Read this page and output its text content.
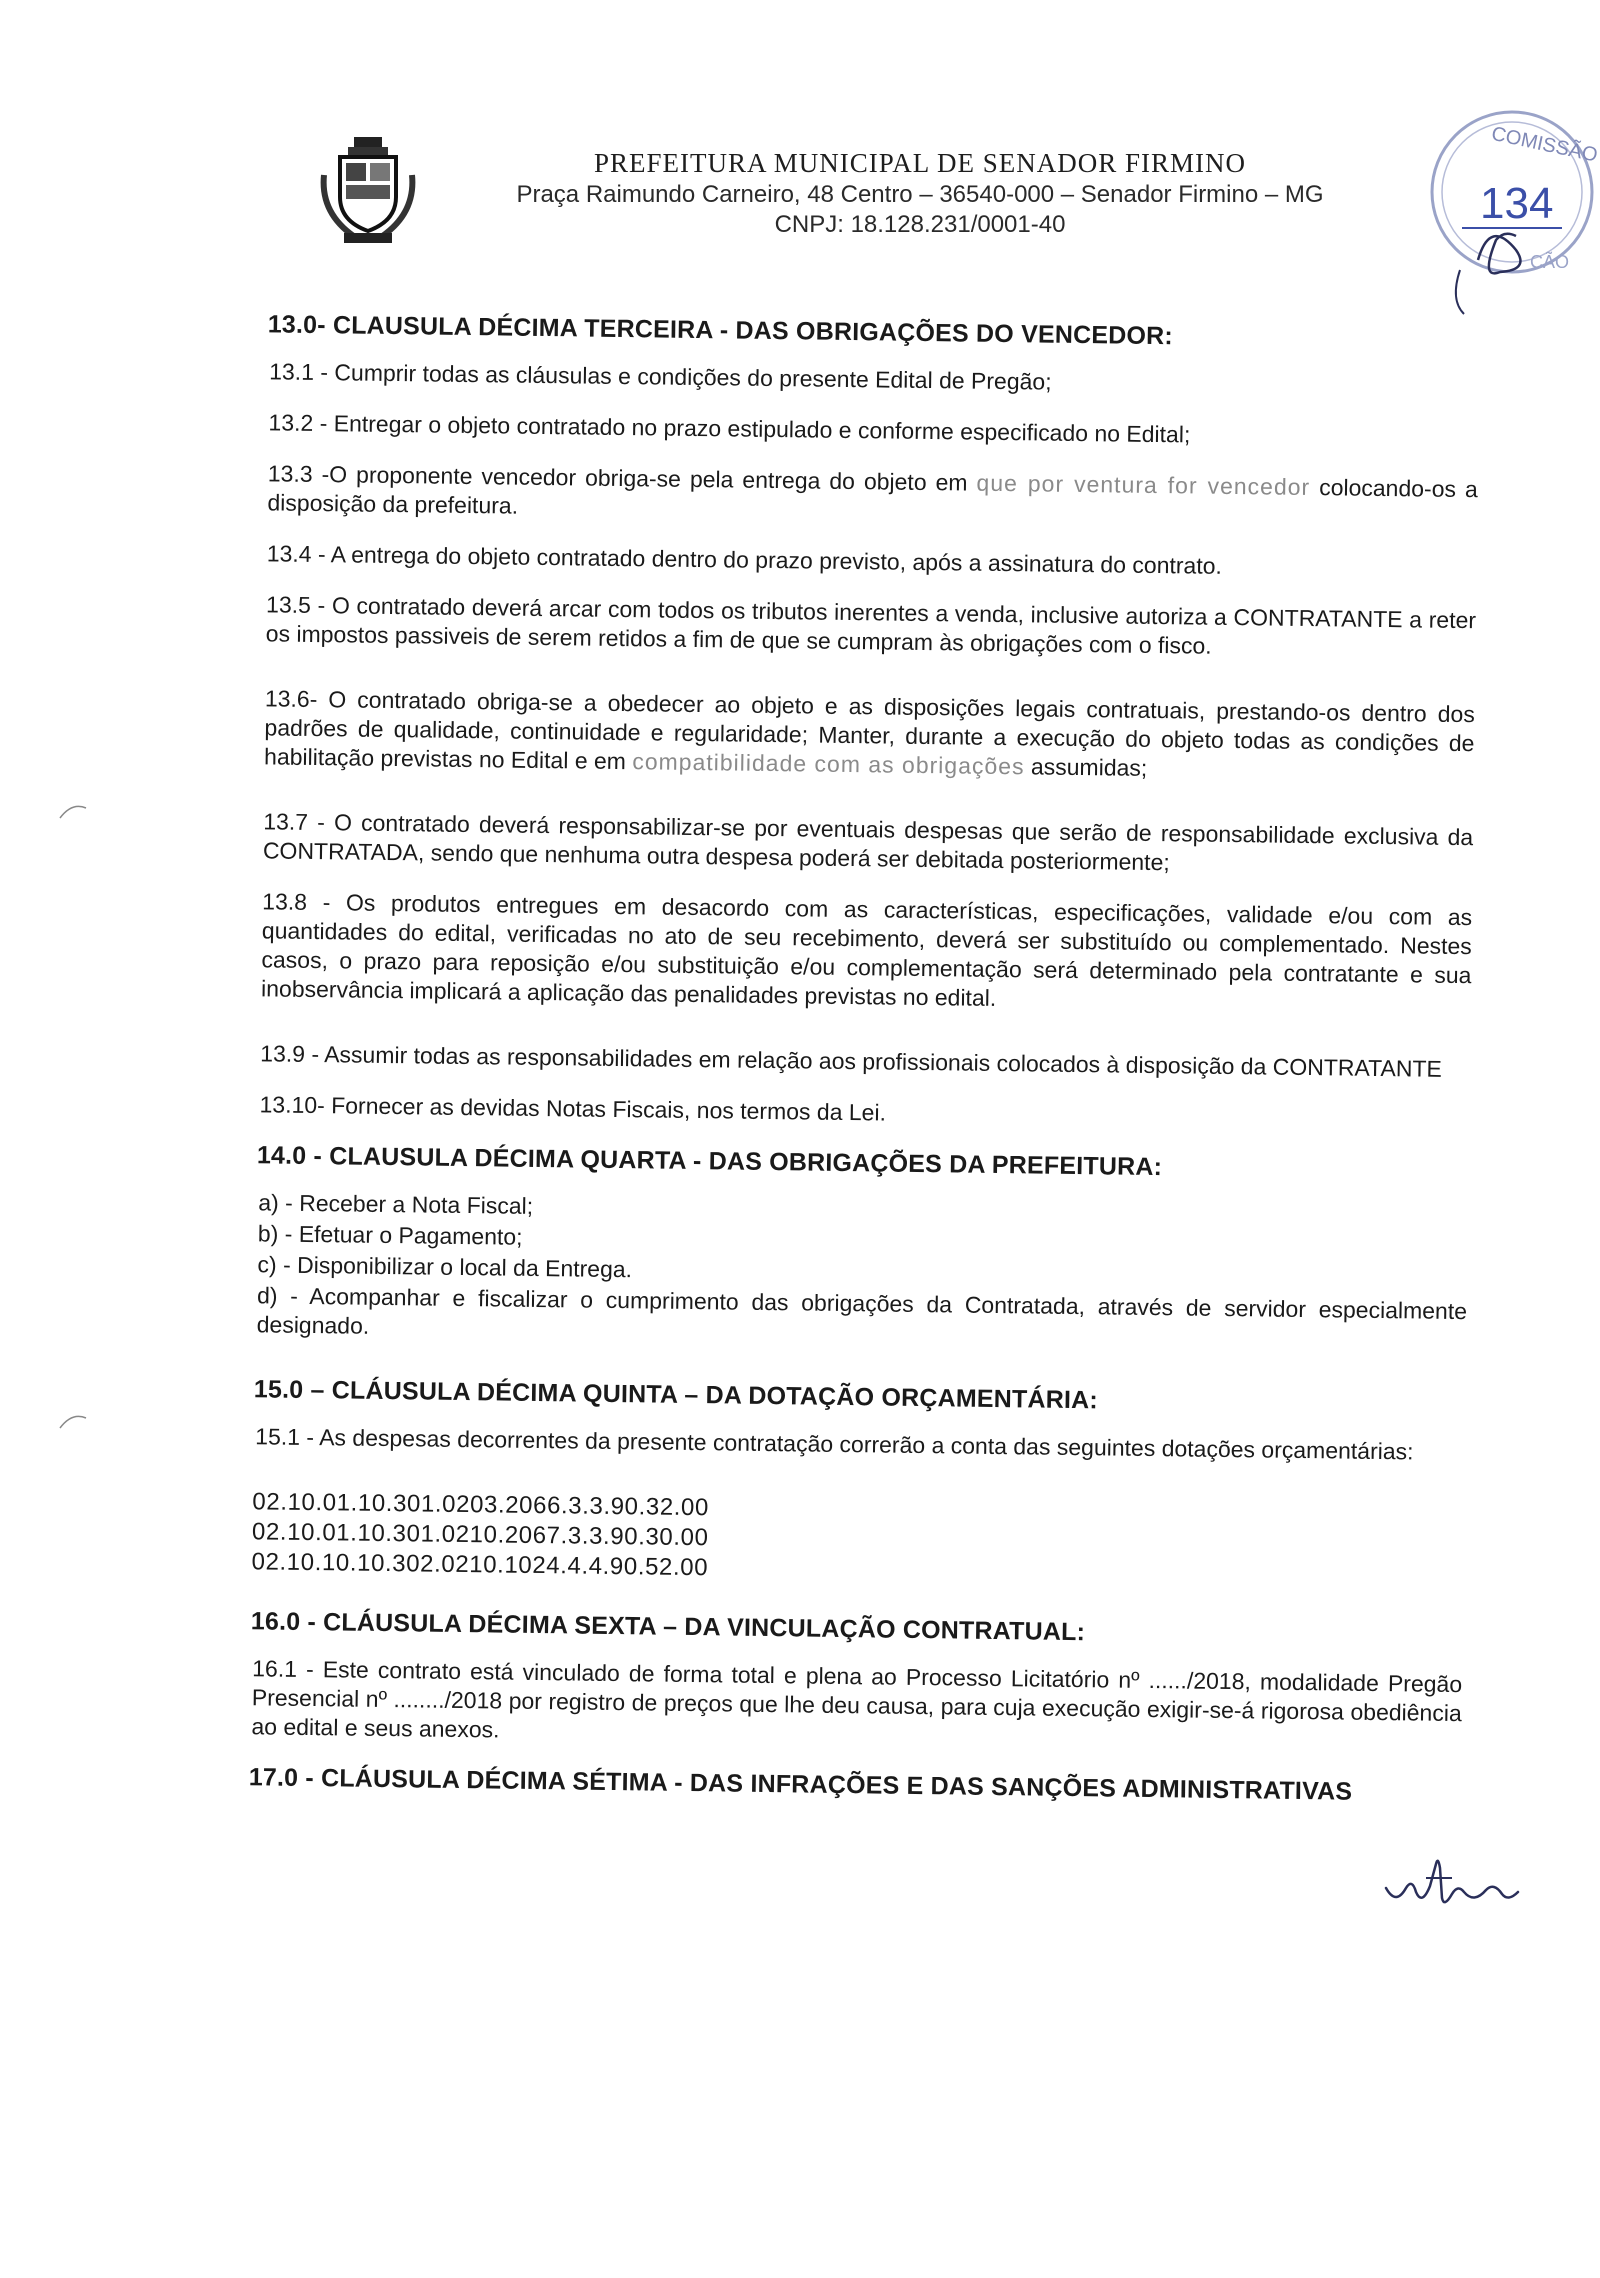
PREFEITURA MUNICIPAL DE SENADOR FIRMINO
Praça Raimundo Carneiro, 48 Centro – 36540-000 – Senador Firmino – MG
CNPJ: 18.128.231/0001-40
COMISSÃO
134
CÃO
13.0- CLAUSULA DÉCIMA TERCEIRA - DAS OBRIGAÇÕES DO VENCEDOR:
13.1 - Cumprir todas as cláusulas e condições do presente Edital de Pregão;
13.2 - Entregar o objeto contratado no prazo estipulado e conforme especificado no Edital;
13.3 -O proponente vencedor obriga-se pela entrega do objeto em que por ventura for vencedor colocando-os a disposição da prefeitura.
13.4 - A entrega do objeto contratado dentro do prazo previsto, após a assinatura do contrato.
13.5 - O contratado deverá arcar com todos os tributos inerentes a venda, inclusive autoriza a CONTRATANTE a reter os impostos passiveis de serem retidos a fim de que se cumpram às obrigações com o fisco.
13.6- O contratado obriga-se a obedecer ao objeto e as disposições legais contratuais, prestando-os dentro dos padrões de qualidade, continuidade e regularidade; Manter, durante a execução do objeto todas as condições de habilitação previstas no Edital e em compatibilidade com as obrigações assumidas;
13.7 - O contratado deverá responsabilizar-se por eventuais despesas que serão de responsabilidade exclusiva da CONTRATADA, sendo que nenhuma outra despesa poderá ser debitada posteriormente;
13.8 - Os produtos entregues em desacordo com as características, especificações, validade e/ou com as quantidades do edital, verificadas no ato de seu recebimento, deverá ser substituído ou complementado. Nestes casos, o prazo para reposição e/ou substituição e/ou complementação será determinado pela contratante e sua inobservância implicará a aplicação das penalidades previstas no edital.
13.9 - Assumir todas as responsabilidades em relação aos profissionais colocados à disposição da CONTRATANTE
13.10- Fornecer as devidas Notas Fiscais, nos termos da Lei.
14.0 - CLAUSULA DÉCIMA QUARTA - DAS OBRIGAÇÕES DA PREFEITURA:
a) - Receber a Nota Fiscal;
b) - Efetuar o Pagamento;
c) - Disponibilizar o local da Entrega.
d) - Acompanhar e fiscalizar o cumprimento das obrigações da Contratada, através de servidor especialmente designado.
15.0 – CLÁUSULA DÉCIMA QUINTA – DA DOTAÇÃO ORÇAMENTÁRIA:
15.1 - As despesas decorrentes da presente contratação correrão a conta das seguintes dotações orçamentárias:
02.10.01.10.301.0203.2066.3.3.90.32.00
02.10.01.10.301.0210.2067.3.3.90.30.00
02.10.10.10.302.0210.1024.4.4.90.52.00
16.0 - CLÁUSULA DÉCIMA SEXTA – DA VINCULAÇÃO CONTRATUAL:
16.1 - Este contrato está vinculado de forma total e plena ao Processo Licitatório nº ....../2018, modalidade Pregão Presencial nº ......../2018 por registro de preços que lhe deu causa, para cuja execução exigir-se-á rigorosa obediência ao edital e seus anexos.
17.0 - CLÁUSULA DÉCIMA SÉTIMA - DAS INFRAÇÕES E DAS SANÇÕES ADMINISTRATIVAS
